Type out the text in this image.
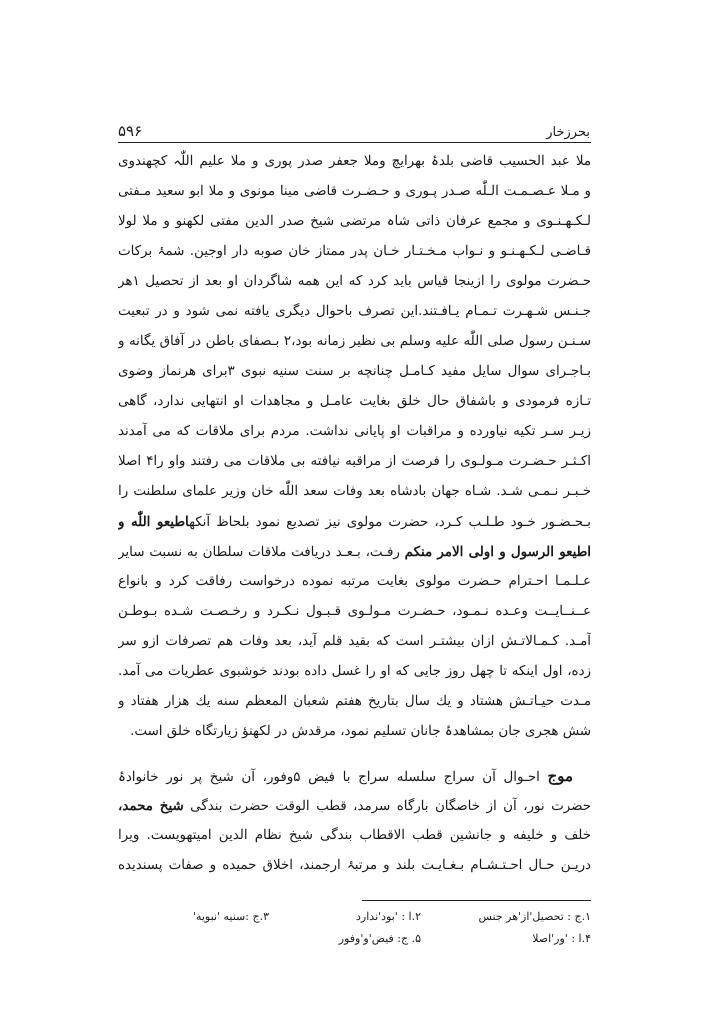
۵۹۶	بحرزخار
ملا عبد الحسیب قاضی بلدۂ بھرایچ وملا جعفر صدر پوری و ملا علیم اللّٰہ کچھندوی
و مـلا عـصـمـت الـلّٰه صـدر پـوری و حـضـرت قاضی مینا مونوی و ملا ابو سعید مـفتی
لـکـھـنـوی و مجمع عرفان ذاتی شاہ مرتضی شیخ صدر الدین مفتی لکھنو و ملا لولا
قـاضـی لـکـھـنـو و نـواب مـخـتـار خـان پدر ممتاز خان صوبه دار اوجین. شمۂ برکات
حـضرت مولوی را ازینجا قیاس باید کرد که این همه شاگردان او بعد از تحصیل ۱هر
جـنـس شـهـرت تـمـام یـافـتند.این تصرف باحوال دیگری یافته نمی شود و در تبعیت
سـنـن رسول صلی اللّٰه علیه وسلم بی نظیر زمانه بود،۲ بـصفای باطن در آفاق یگانه و
بـاجـرای سوال سایل مفید کـامـل چنانچه بر سنت سنیه نبوی ۳برای هرنماز وضوی
تـازه فرمودی و باشفاق حال خلق بغایت عامـل و مجاهدات او انتهایی ندارد، گاهی
زیـر سـر تکیه نیاورده و مراقبات او پایانی نداشت. مردم برای ملاقات که می آمدند
اکـثـر حـضـرت مـولـوی را فرصت از مراقبه نیافته بی ملاقات می رفتند واو را۴ اصلا
خـبـر نـمـی شـد. شـاه جهان بادشاه بعد وفات سعد اللّٰه خان وزیر علمای سلطنت را
بـحـضـور خـود طـلـب کـرد، حضرت مولوی نیز تصدیع نمود بلحاظ آنکهاطیعو اللّٰه و
اطیعو الرسول و اولی الامر منکم رفـت، بـعـد دریافت ملاقات سلطان به نسبت سایر
عـلـمـا احـترام حـضرت مولوی بغایت مرتبه نموده درخواست رفاقت کرد و بانواع
عــنــایــت وعـده نـمـود، حـضـرت مـولـوی قـبـول نـکـرد و رخـصـت شـده بـوطـن
آمـد. کـمـالاتـش ازان بیشتـر است که بقید قلم آید، بعد وفات هم تصرفات ازو سر
زده، اول اینکه تا چهل روز جایی که او را غسل داده بودند خوشبوی عطریات می آمد.
مـدت حیـاتـش هشتاد و یك سال بتاریخ هفتم شعبان المعظم سنه یك هزار هفتاد و
شش هجری جان بمشاهدۂ جانان تسلیم نمود، مرقدش در لکھنؤ زیارتگاه خلق است.
موج احـوال آن سراج سلسله سراج با فیض ۵وفور، آن شیخ پر نور خانوادۂ
حضرت نور، آن از خاصگان بارگاه سرمد، قطب الوقت حضرت بندگی شیخ محمد،
خلف و خلیفه و جانشین قطب الاقطاب بندگی شیخ نظام الدین امیتهویست. ویرا
دریـن حـال احـتـشـام بـغـایـت بلند و مرتبۂ ارجمند، اخلاق حمیده و صفات پسندیده
۱.ج : تحصیل'از'هر جنس
۲.ا : 'بود'ندارد
۳.ج :سنیه 'نبویه'
۴.ا : 'ور'اصلا
۵. ج: فیض'و'وفور
